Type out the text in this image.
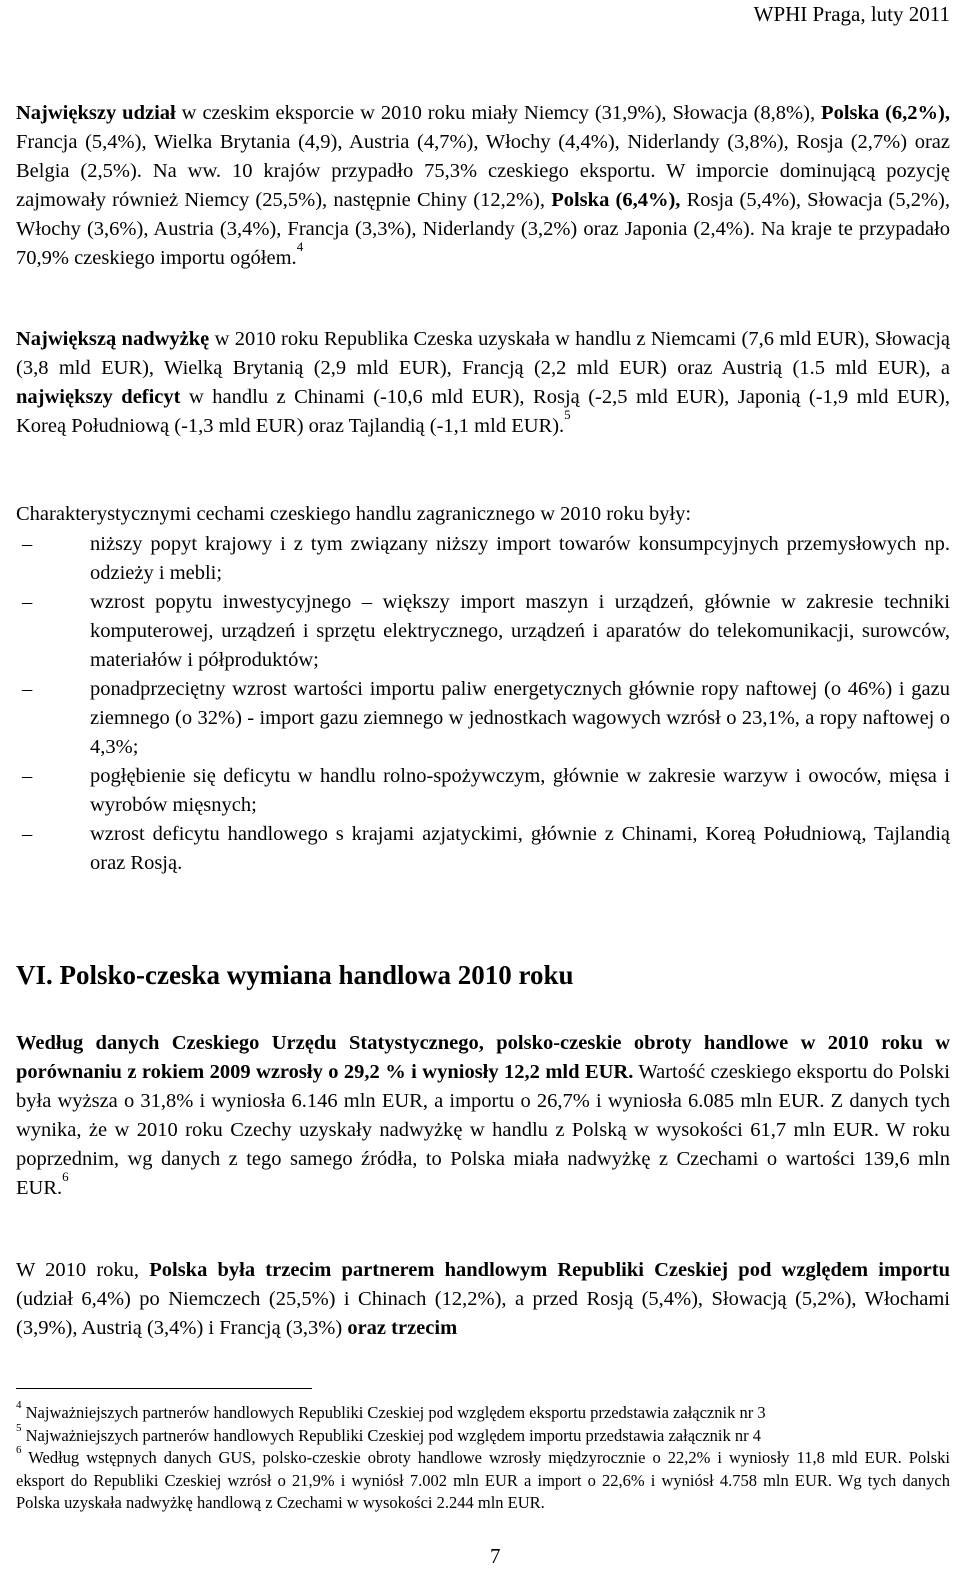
WPHI Praga, luty 2011

Największy udział w czeskim eksporcie w 2010 roku miały Niemcy (31,9%), Słowacja (8,8%), Polska (6,2%), Francja (5,4%), Wielka Brytania (4,9), Austria (4,7%), Włochy (4,4%), Niderlandy (3,8%), Rosja (2,7%) oraz Belgia (2,5%). Na ww. 10 krajów przypadło 75,3% czeskiego eksportu. W imporcie dominującą pozycję zajmowały również Niemcy (25,5%), następnie Chiny (12,2%), Polska (6,4%), Rosja (5,4%), Słowacja (5,2%), Włochy (3,6%), Austria (3,4%), Francja (3,3%), Niderlandy (3,2%) oraz Japonia (2,4%). Na kraje te przypadało 70,9% czeskiego importu ogółem.$^4$

Największą nadwyżkę w 2010 roku Republika Czeska uzyskała w handlu z Niemcami (7,6 mld EUR), Słowacją (3,8 mld EUR), Wielką Brytanią (2,9 mld EUR), Francją (2,2 mld EUR) oraz Austrią (1.5 mld EUR), a największy deficyt w handlu z Chinami (-10,6 mld EUR), Rosją (-2,5 mld EUR), Japonią (-1,9 mld EUR), Koreą Południową (-1,3 mld EUR) oraz Tajlandią (-1,1 mld EUR).$^5$

Charakterystycznymi cechami czeskiego handlu zagranicznego w 2010 roku były:

–	niższy popyt krajowy i z tym związany niższy import towarów konsumpcyjnych przemysłowych np. odzieży i mebli;
–	wzrost popytu inwestycyjnego – większy import maszyn i urządzeń, głównie w zakresie techniki komputerowej, urządzeń i sprzętu elektrycznego, urządzeń i aparatów do telekomunikacji, surowców, materiałów i półproduktów;
–	ponadprzeciętny wzrost wartości importu paliw energetycznych głównie ropy naftowej (o 46%) i gazu ziemnego (o 32%) - import gazu ziemnego w jednostkach wagowych wzrósł o 23,1%, a ropy naftowej o 4,3%;
–	pogłębienie się deficytu w handlu rolno-spożywczym, głównie w zakresie warzyw i owoców, mięsa i wyrobów mięsnych;
–	wzrost deficytu handlowego s krajami azjatyckimi, głównie z Chinami, Koreą Południową, Tajlandią oraz Rosją.
VI. Polsko-czeska wymiana handlowa 2010 roku

Według danych Czeskiego Urzędu Statystycznego, polsko-czeskie obroty handlowe w 2010 roku w porównaniu z rokiem 2009 wzrosły o 29,2 % i wyniosły 12,2 mld EUR. Wartość czeskiego eksportu do Polski była wyższa o 31,8% i wyniosła 6.146 mln EUR, a importu o 26,7% i wyniosła 6.085 mln EUR. Z danych tych wynika, że w 2010 roku Czechy uzyskały nadwyżkę w handlu z Polską w wysokości 61,7 mln EUR. W roku poprzednim, wg danych z tego samego źródła, to Polska miała nadwyżkę z Czechami o wartości 139,6 mln EUR.$^6$

W 2010 roku, Polska była trzecim partnerem handlowym Republiki Czeskiej pod względem importu (udział 6,4%) po Niemczech (25,5%) i Chinach (12,2%), a przed Rosją (5,4%), Słowacją (5,2%), Włochami (3,9%), Austrią (3,4%) i Francją (3,3%) oraz trzecim

$^4$ Najważniejszych partnerów handlowych Republiki Czeskiej pod względem eksportu przedstawia załącznik nr 3

$^5$ Najważniejszych partnerów handlowych Republiki Czeskiej pod względem importu przedstawia załącznik nr 4

$^6$ Według wstępnych danych GUS, polsko-czeskie obroty handlowe wzrosły międzyrocznie o 22,2% i wyniosły 11,8 mld EUR. Polski eksport do Republiki Czeskiej wzrósł o 21,9% i wyniósł 7.002 mln EUR a import o 22,6% i wyniósł 4.758 mln EUR. Wg tych danych Polska uzyskała nadwyżkę handlową z Czechami w wysokości 2.244 mln EUR.

7
